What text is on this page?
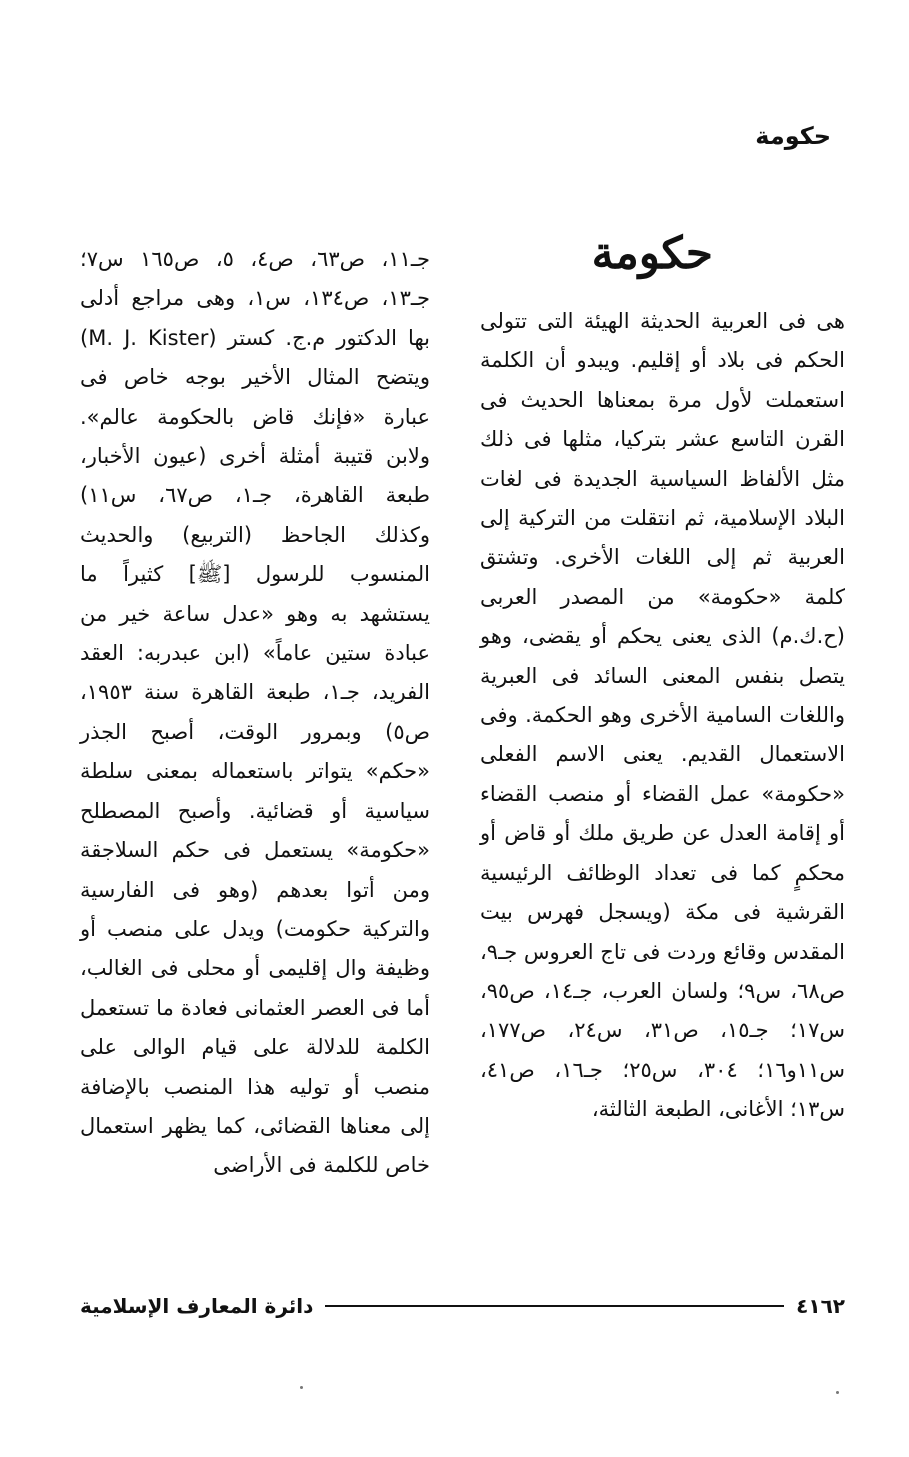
حكومة
حكومة
هى فى العربية الحديثة الهيئة التى تتولى الحكم فى بلاد أو إقليم. ويبدو أن الكلمة استعملت لأول مرة بمعناها الحديث فى القرن التاسع عشر بتركيا، مثلها فى ذلك مثل الألفاظ السياسية الجديدة فى لغات البلاد الإسلامية، ثم انتقلت من التركية إلى العربية ثم إلى اللغات الأخرى. وتشتق كلمة «حكومة» من المصدر العربى (ح.ك.م) الذى يعنى يحكم أو يقضى، وهو يتصل بنفس المعنى السائد فى العبرية واللغات السامية الأخرى وهو الحكمة. وفى الاستعمال القديم. يعنى الاسم الفعلى «حكومة» عمل القضاء أو منصب القضاء أو إقامة العدل عن طريق ملك أو قاض أو محكمٍ كما فى تعداد الوظائف الرئيسية القرشية فى مكة (ويسجل فهرس بيت المقدس وقائع وردت فى تاج العروس جـ٩، ص٦٨، س٩؛ ولسان العرب، جـ١٤، ص٩٥، س١٧؛ جـ١٥، ص٣١، س٢٤، ص١٧٧، س١١و١٦؛ ٣٠٤، س٢٥؛ جـ١٦، ص٤١، س١٣؛ الأغانى، الطبعة الثالثة،
جـ١١، ص٦٣، ص٤، ٥، ص١٦٥ س٧؛ جـ١٣، ص١٣٤، س١، وهى مراجع أدلى بها الدكتور م.ج. كستر (M. J. Kister) ويتضح المثال الأخير بوجه خاص فى عبارة «فإنك قاض بالحكومة عالم». ولابن قتيبة أمثلة أخرى (عيون الأخبار، طبعة القاهرة، جـ١، ص٦٧، س١١) وكذلك الجاحظ (التربيع) والحديث المنسوب للرسول [ﷺ] كثيراً ما يستشهد به وهو «عدل ساعة خير من عبادة ستين عاماً» (ابن عبدربه: العقد الفريد، جـ١، طبعة القاهرة سنة ١٩٥٣، ص٥) وبمرور الوقت، أصبح الجذر «حكم» يتواتر باستعماله بمعنى سلطة سياسية أو قضائية. وأصبح المصطلح «حكومة» يستعمل فى حكم السلاجقة ومن أتوا بعدهم (وهو فى الفارسية والتركية حكومت) ويدل على منصب أو وظيفة وال إقليمى أو محلى فى الغالب، أما فى العصر العثمانى فعادة ما تستعمل الكلمة للدلالة على قيام الوالى على منصب أو توليه هذا المنصب بالإضافة إلى معناها القضائى، كما يظهر استعمال خاص للكلمة فى الأراضى
٤١٦٢
دائرة المعارف الإسلامية
